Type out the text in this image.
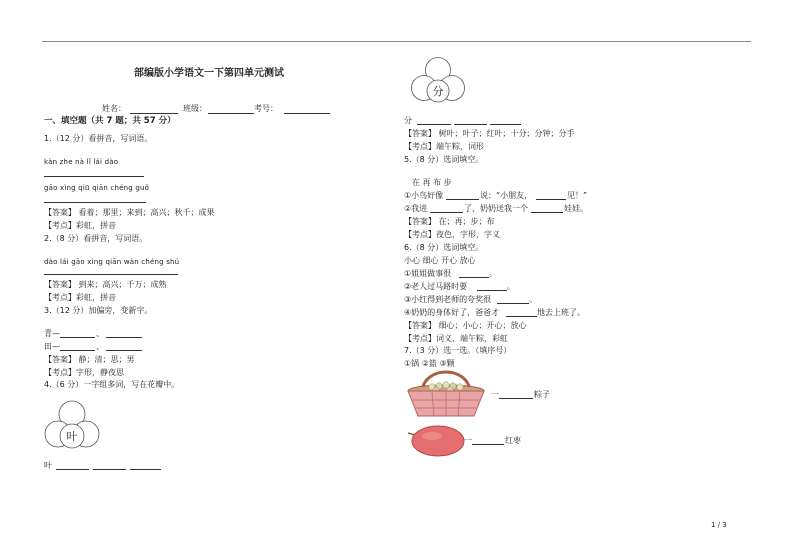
部编版小学语文一下第四单元测试
姓名：	班级：	考号：
一、填空题（共 7 题；共 57 分）
1.（12 分）看拼音，写词语。
kàn zhe nà lǐ lái dào
gāo xìng qiū qiān chéng guǒ
【答案】 看着；那里；来到；高兴；秋千；成果
【考点】彩虹，拼音
2.（8 分）看拼音，写词语。
dào lái gāo xìng qiān wàn chéng shú
【答案】 到来；高兴；千万；成熟
【考点】彩虹，拼音
3.（12 分）加偏旁，变新字。
青—	、
田—	、
【答案】 静；清；思；男
【考点】字形，静夜思
4.（6 分）一字组多词，写在花瓣中。
叶
叶
分
分
【答案】 树叶；叶子；红叶；十分；分钟；分手
【考点】端午粽，词形
5.（8 分）选词填空。
在 再 布 步
①小鸟好像	说：“小朋友，	见！”
②我进	了，奶奶送我一个	娃娃。
【答案】 在；再；步；布
【考点】夜色，字形，字义
6.（8 分）选词填空。
小心 细心 开心 放心
①姐姐做事很	。
②老人过马路时要	。
③小红得到老师的夸奖很	。
④奶奶的身体好了，爸爸才	地去上班了。
【答案】 细心；小心；开心；放心
【考点】词义，端午粽，彩虹
7.（3 分）选一选。（填序号）
①锅 ②篮 ③颗
一	粽子
一	红枣
1 / 3
